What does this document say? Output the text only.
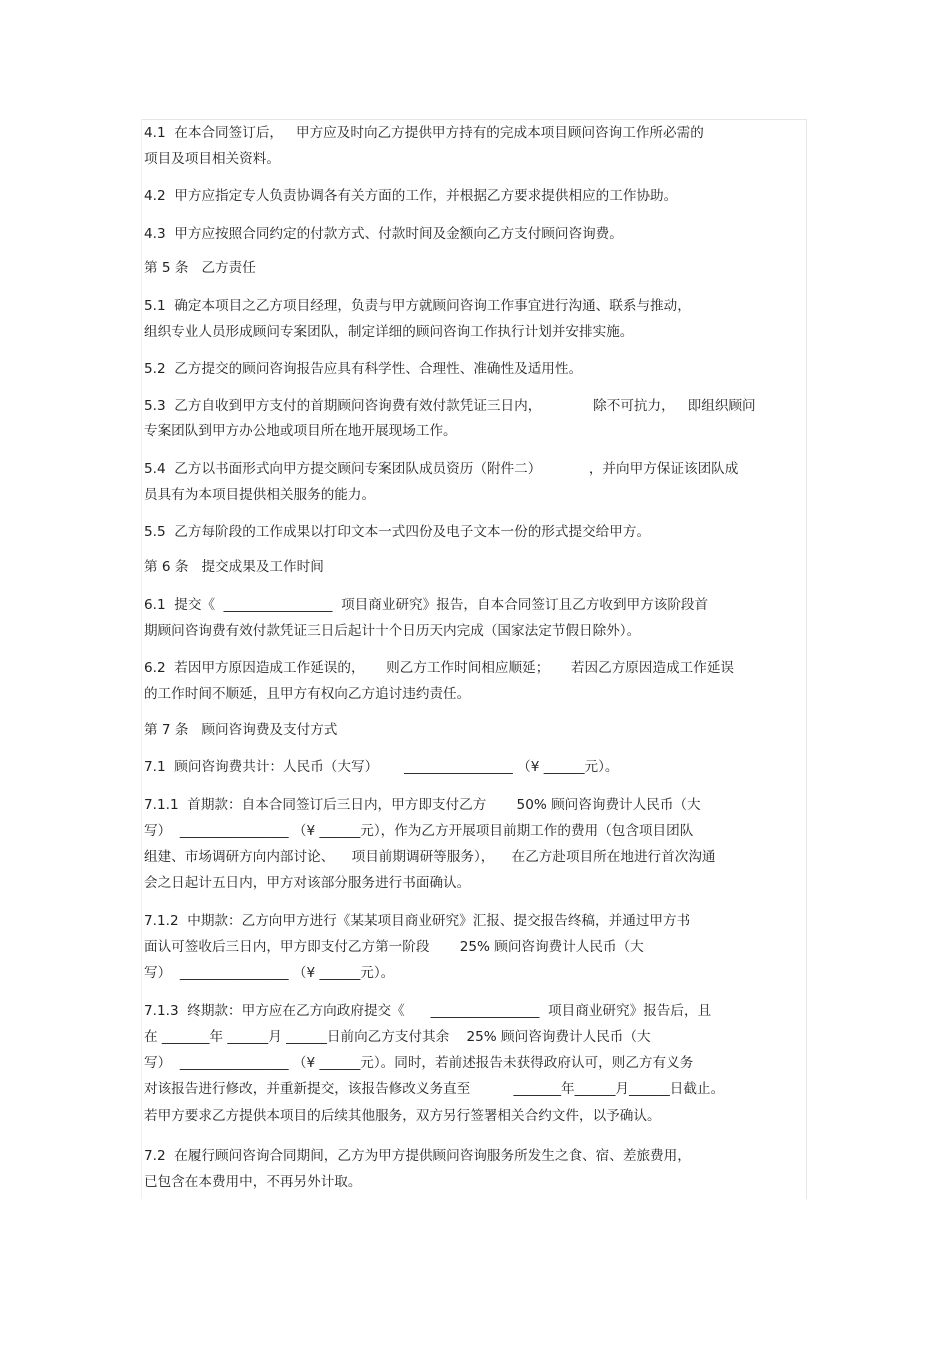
4.1  在本合同签订后，   甲方应及时向乙方提供甲方持有的完成本项目顾问咨询工作所必需的

项目及项目相关资料。

4.2  甲方应指定专人负责协调各有关方面的工作，并根据乙方要求提供相应的工作协助。

4.3  甲方应按照合同约定的付款方式、付款时间及金额向乙方支付顾问咨询费。

第 5 条   乙方责任

5.1  确定本项目之乙方项目经理，负责与甲方就顾问咨询工作事宜进行沟通、联系与推动，

组织专业人员形成顾问专案团队，制定详细的顾问咨询工作执行计划并安排实施。

5.2  乙方提交的顾问咨询报告应具有科学性、合理性、准确性及适用性。

5.3  乙方自收到甲方支付的首期顾问咨询费有效付款凭证三日内，            除不可抗力，   即组织顾问

专案团队到甲方办公地或项目所在地开展现场工作。

5.4  乙方以书面形式向甲方提交顾问专案团队成员资历（附件二）           ，并向甲方保证该团队成

员具有为本项目提供相关服务的能力。

5.5  乙方每阶段的工作成果以打印文本一式四份及电子文本一份的形式提交给甲方。

第 6 条   提交成果及工作时间

6.1  提交《  ________________  项目商业研究》报告，自本合同签订且乙方收到甲方该阶段首

期顾问咨询费有效付款凭证三日后起计十个日历天内完成（国家法定节假日除外）。

6.2  若因甲方原因造成工作延误的，     则乙方工作时间相应顺延；     若因乙方原因造成工作延误

的工作时间不顺延，且甲方有权向乙方追讨违约责任。

第 7 条   顾问咨询费及支付方式

7.1  顾问咨询费共计：人民币（大写）      ________________ （¥ ______元）。

7.1.1  首期款：自本合同签订后三日内，甲方即支付乙方       50% 顾问咨询费计人民币（大

写）  ________________ （¥ ______元），作为乙方开展项目前期工作的费用（包含项目团队

组建、市场调研方向内部讨论、    项目前期调研等服务），    在乙方赴项目所在地进行首次沟通

会之日起计五日内，甲方对该部分服务进行书面确认。

7.1.2  中期款：乙方向甲方进行《某某项目商业研究》汇报、提交报告终稿，并通过甲方书

面认可签收后三日内，甲方即支付乙方第一阶段       25% 顾问咨询费计人民币（大

写）  ________________ （¥ ______元）。

7.1.3  终期款：甲方应在乙方向政府提交《      ________________  项目商业研究》报告后，且

在 _______年 ______月 ______日前向乙方支付其余    25% 顾问咨询费计人民币（大

写）  ________________ （¥ ______元）。同时，若前述报告未获得政府认可，则乙方有义务

对该报告进行修改，并重新提交，该报告修改义务直至          _______年______月______日截止。

若甲方要求乙方提供本项目的后续其他服务，双方另行签署相关合约文件，以予确认。

7.2  在履行顾问咨询合同期间，乙方为甲方提供顾问咨询服务所发生之食、宿、差旅费用，

已包含在本费用中，不再另外计取。
